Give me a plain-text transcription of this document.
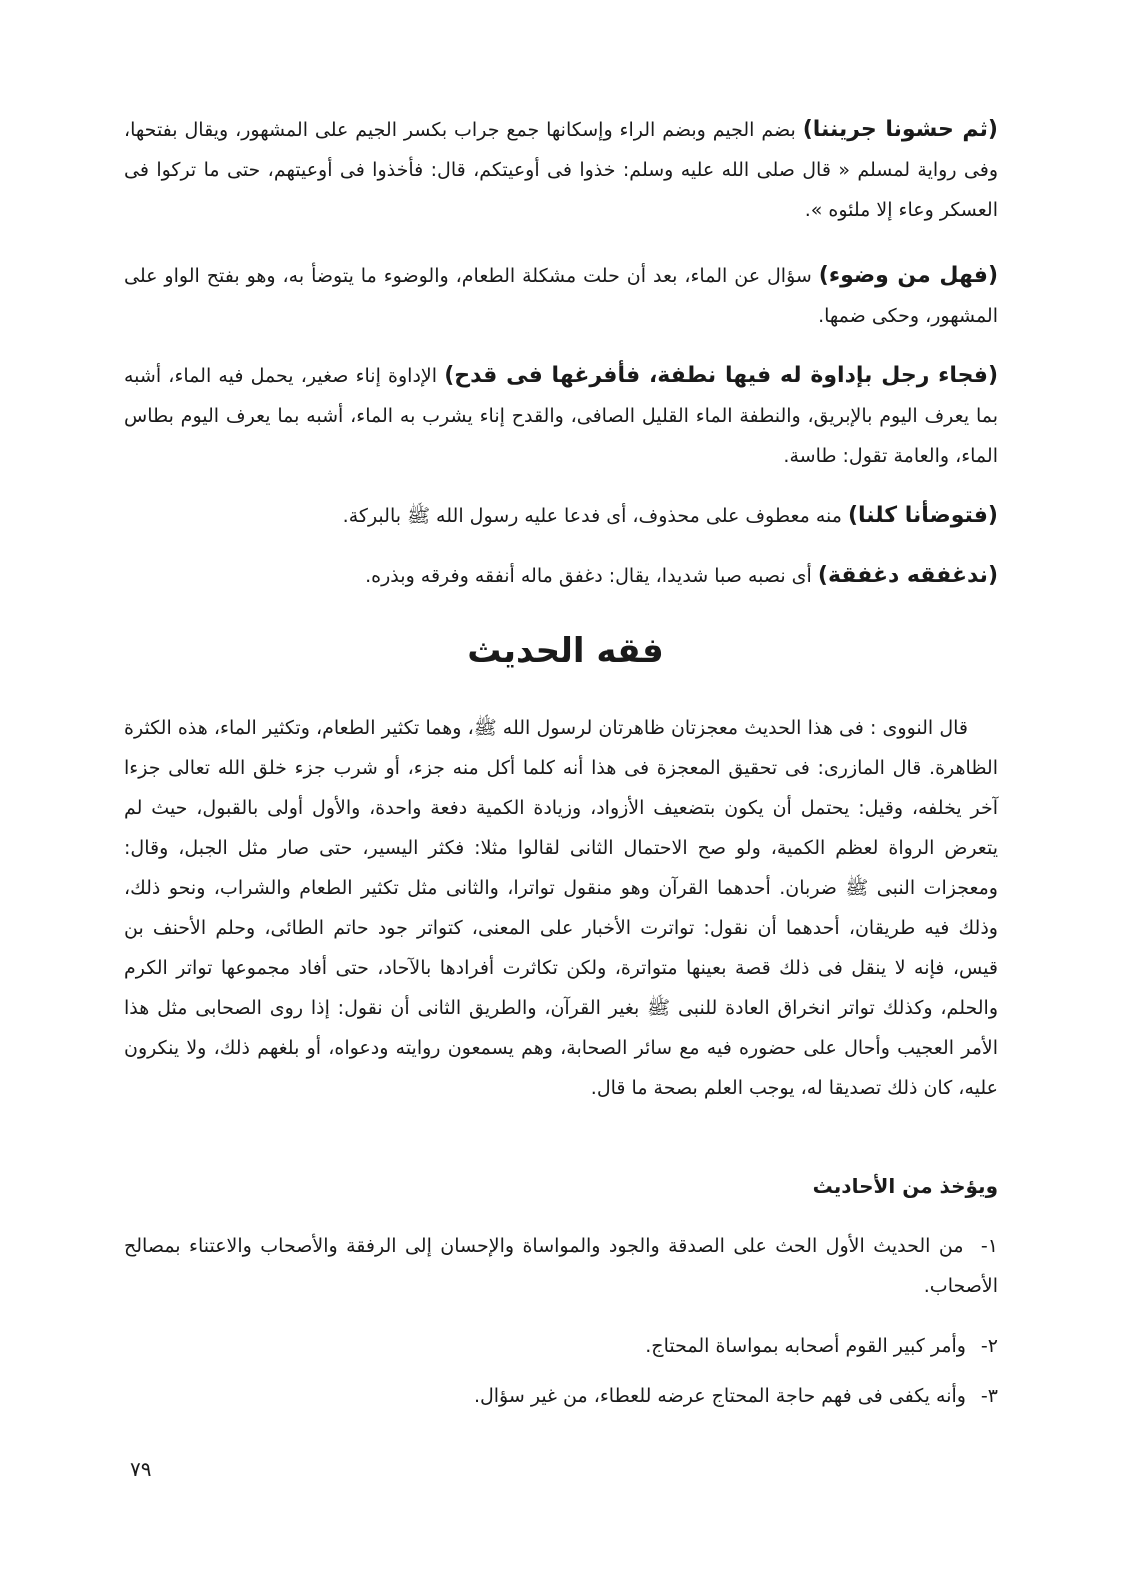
(ثم حشونا جريننا) بضم الجيم وبضم الراء وإسكانها جمع جراب بكسر الجيم على المشهور، ويقال بفتحها، وفى رواية لمسلم « قال صلى الله عليه وسلم: خذوا فى أوعيتكم، قال: فأخذوا فى أوعيتهم، حتى ما تركوا فى العسكر وعاء إلا ملئوه ».

(فهل من وضوء) سؤال عن الماء، بعد أن حلت مشكلة الطعام، والوضوء ما يتوضأ به، وهو بفتح الواو على المشهور، وحكى ضمها.

(فجاء رجل بإداوة له فيها نطفة، فأفرغها فى قدح) الإداوة إناء صغير، يحمل فيه الماء، أشبه بما يعرف اليوم بالإبريق، والنطفة الماء القليل الصافى، والقدح إناء يشرب به الماء، أشبه بما يعرف اليوم بطاس الماء، والعامة تقول: طاسة.

(فتوضأنا كلنا) منه معطوف على محذوف، أى فدعا عليه رسول الله ﷺ بالبركة.

(ندغفقه دغفقة) أى نصبه صبا شديدا، يقال: دغفق ماله أنفقه وفرقه وبذره.

فقه الحديث

قال النووى : فى هذا الحديث معجزتان ظاهرتان لرسول الله ﷺ، وهما تكثير الطعام، وتكثير الماء، هذه الكثرة الظاهرة. قال المازرى: فى تحقيق المعجزة فى هذا أنه كلما أكل منه جزء، أو شرب جزء خلق الله تعالى جزءا آخر يخلفه، وقيل: يحتمل أن يكون بتضعيف الأزواد، وزيادة الكمية دفعة واحدة، والأول أولى بالقبول، حيث لم يتعرض الرواة لعظم الكمية، ولو صح الاحتمال الثانى لقالوا مثلا: فكثر اليسير، حتى صار مثل الجبل، وقال: ومعجزات النبى ﷺ ضربان. أحدهما القرآن وهو منقول تواترا، والثانى مثل تكثير الطعام والشراب، ونحو ذلك، وذلك فيه طريقان، أحدهما أن نقول: تواترت الأخبار على المعنى، كتواتر جود حاتم الطائى، وحلم الأحنف بن قيس، فإنه لا ينقل فى ذلك قصة بعينها متواترة، ولكن تكاثرت أفرادها بالآحاد، حتى أفاد مجموعها تواتر الكرم والحلم، وكذلك تواتر انخراق العادة للنبى ﷺ بغير القرآن، والطريق الثانى أن نقول: إذا روى الصحابى مثل هذا الأمر العجيب وأحال على حضوره فيه مع سائر الصحابة، وهم يسمعون روايته ودعواه، أو بلغهم ذلك، ولا ينكرون عليه، كان ذلك تصديقا له، يوجب العلم بصحة ما قال.

ويؤخذ من الأحاديث
١- من الحديث الأول الحث على الصدقة والجود والمواساة والإحسان إلى الرفقة والأصحاب والاعتناء بمصالح الأصحاب.
٢- وأمر كبير القوم أصحابه بمواساة المحتاج.
٣- وأنه يكفى فى فهم حاجة المحتاج عرضه للعطاء، من غير سؤال.
٧٩
